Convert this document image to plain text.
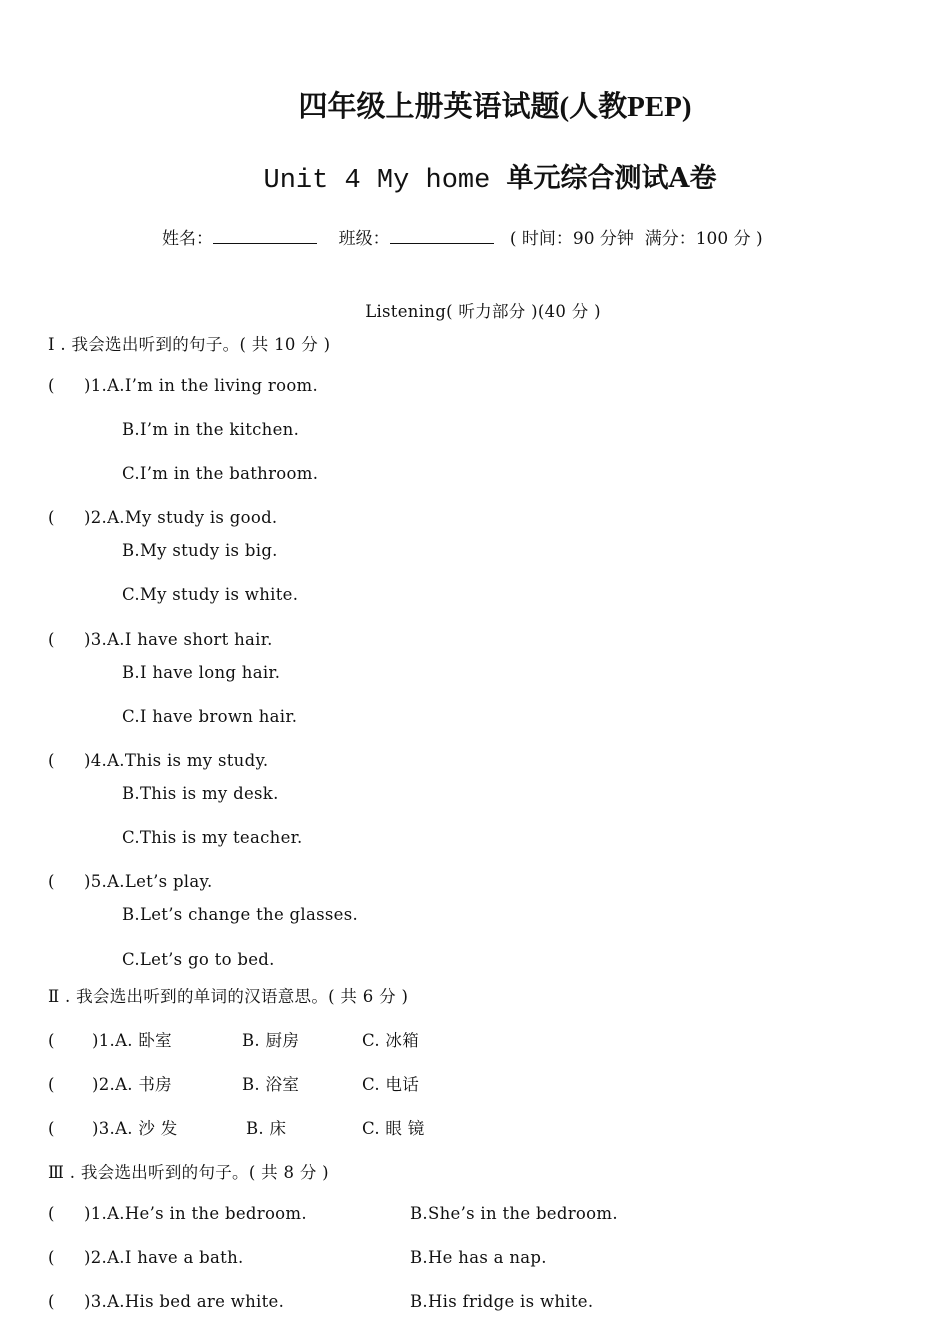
四年级上册英语试题(人教PEP)
Unit 4 My home 单元综合测试A卷
姓名：	班级：	( 时间：90 分钟  满分：100 分 )
Listening( 听力部分 )(40 分 )
Ⅰ . 我会选出听到的句子。( 共 10 分 )
( )1.A.I’m in the living room.
B.I’m in the kitchen.
C.I’m in the bathroom.
( )2.A.My study is good.
B.My study is big.
C.My study is white.
( )3.A.I have short hair.
B.I have long hair.
C.I have brown hair.
( )4.A.This is my study.
B.This is my desk.
C.This is my teacher.
( )5.A.Let’s play.
B.Let’s change the glasses.
C.Let’s go to bed.
Ⅱ . 我会选出听到的单词的汉语意思。( 共 6 分 )
( )1.A. 卧室	B. 厨房	C. 冰箱
( )2.A. 书房	B. 浴室	C. 电话
( )3.A. 沙 发	B. 床	C. 眼 镜
Ⅲ . 我会选出听到的句子。( 共 8 分 )
( )1.A.He’s in the bedroom.	B.She’s in the bedroom.
( )2.A.I have a bath.	B.He has a nap.
( )3.A.His bed are white.	B.His fridge is white.
